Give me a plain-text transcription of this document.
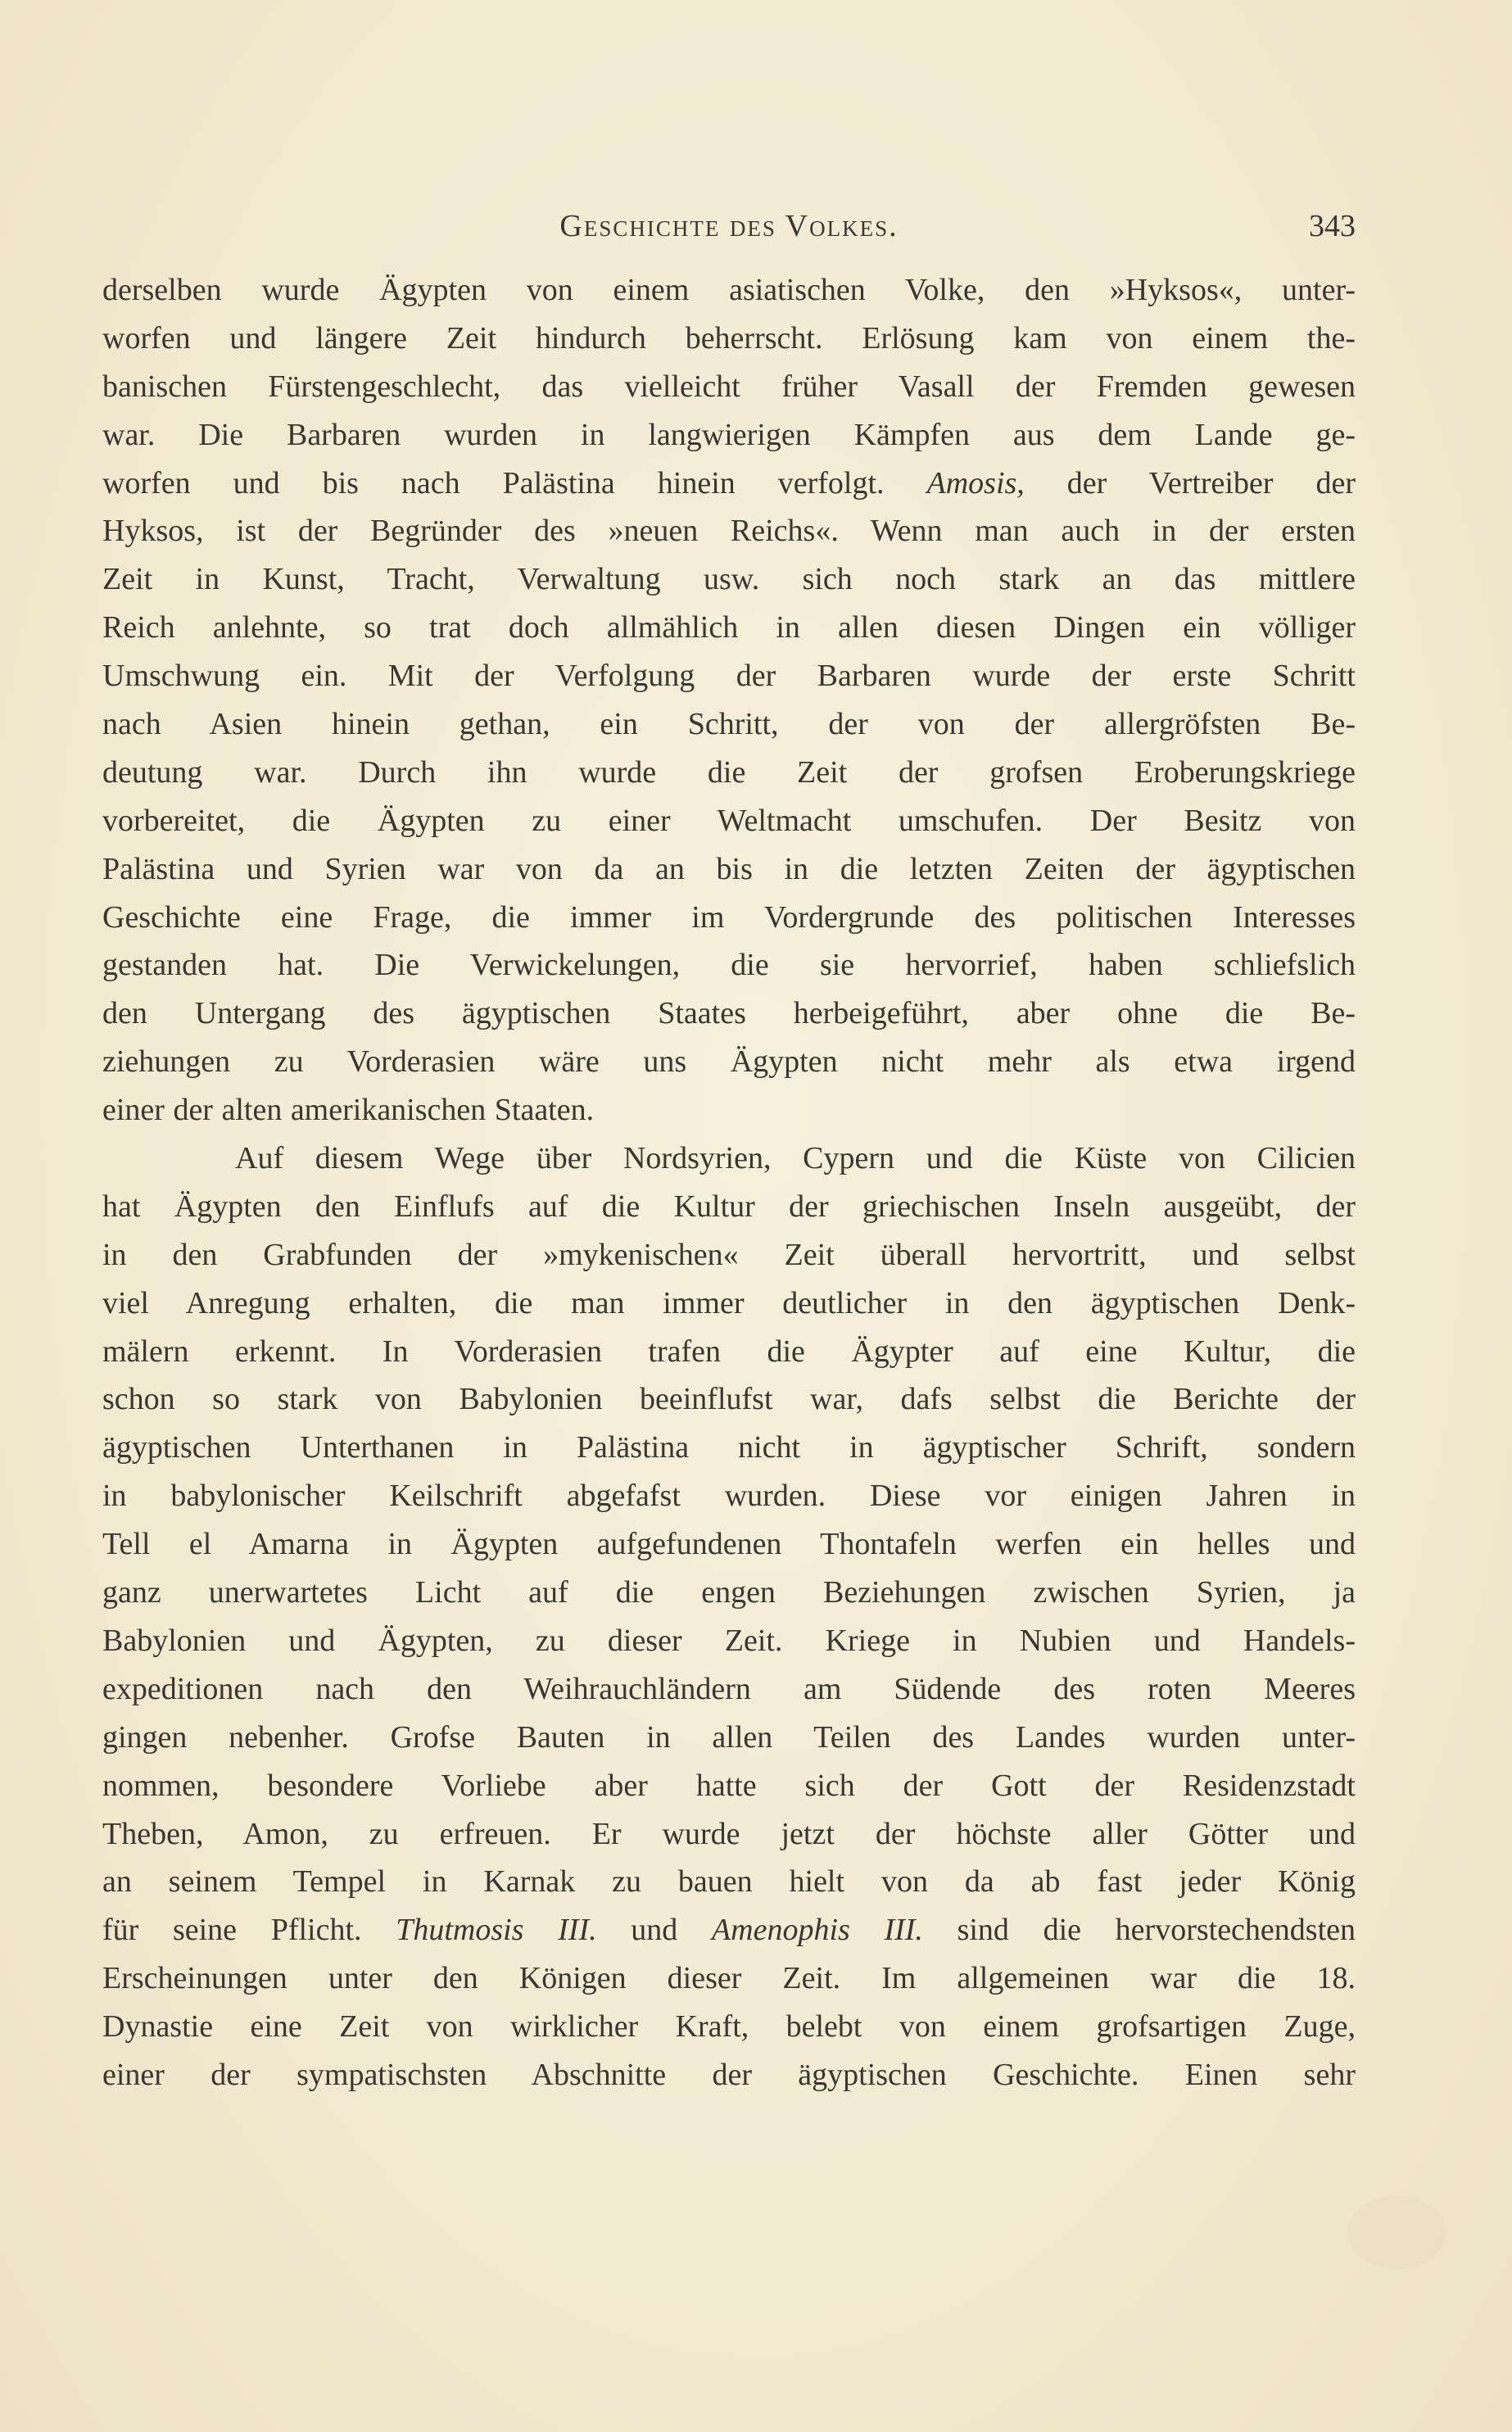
Geschichte des Volkes.	343
derselben wurde Ägypten von einem asiatischen Volke, den »Hyksos«, unter-
worfen und längere Zeit hindurch beherrscht. Erlösung kam von einem the-
banischen Fürstengeschlecht, das vielleicht früher Vasall der Fremden gewesen
war. Die Barbaren wurden in langwierigen Kämpfen aus dem Lande ge-
worfen und bis nach Palästina hinein verfolgt. Amosis, der Vertreiber der
Hyksos, ist der Begründer des »neuen Reichs«. Wenn man auch in der ersten
Zeit in Kunst, Tracht, Verwaltung usw. sich noch stark an das mittlere
Reich anlehnte, so trat doch allmählich in allen diesen Dingen ein völliger
Umschwung ein. Mit der Verfolgung der Barbaren wurde der erste Schritt
nach Asien hinein gethan, ein Schritt, der von der allergröfsten Be-
deutung war. Durch ihn wurde die Zeit der grofsen Eroberungskriege
vorbereitet, die Ägypten zu einer Weltmacht umschufen. Der Besitz von
Palästina und Syrien war von da an bis in die letzten Zeiten der ägyptischen
Geschichte eine Frage, die immer im Vordergrunde des politischen Interesses
gestanden hat. Die Verwickelungen, die sie hervorrief, haben schliefslich
den Untergang des ägyptischen Staates herbeigeführt, aber ohne die Be-
ziehungen zu Vorderasien wäre uns Ägypten nicht mehr als etwa irgend
einer der alten amerikanischen Staaten.
Auf diesem Wege über Nordsyrien, Cypern und die Küste von Cilicien
hat Ägypten den Einflufs auf die Kultur der griechischen Inseln ausgeübt, der
in den Grabfunden der »mykenischen« Zeit überall hervortritt, und selbst
viel Anregung erhalten, die man immer deutlicher in den ägyptischen Denk-
mälern erkennt. In Vorderasien trafen die Ägypter auf eine Kultur, die
schon so stark von Babylonien beeinflufst war, dafs selbst die Berichte der
ägyptischen Unterthanen in Palästina nicht in ägyptischer Schrift, sondern
in babylonischer Keilschrift abgefafst wurden. Diese vor einigen Jahren in
Tell el Amarna in Ägypten aufgefundenen Thontafeln werfen ein helles und
ganz unerwartetes Licht auf die engen Beziehungen zwischen Syrien, ja
Babylonien und Ägypten, zu dieser Zeit. Kriege in Nubien und Handels-
expeditionen nach den Weihrauchländern am Südende des roten Meeres
gingen nebenher. Grofse Bauten in allen Teilen des Landes wurden unter-
nommen, besondere Vorliebe aber hatte sich der Gott der Residenzstadt
Theben, Amon, zu erfreuen. Er wurde jetzt der höchste aller Götter und
an seinem Tempel in Karnak zu bauen hielt von da ab fast jeder König
für seine Pflicht. Thutmosis III. und Amenophis III. sind die hervorstechendsten
Erscheinungen unter den Königen dieser Zeit. Im allgemeinen war die 18.
Dynastie eine Zeit von wirklicher Kraft, belebt von einem grofsartigen Zuge,
einer der sympatischsten Abschnitte der ägyptischen Geschichte. Einen sehr
